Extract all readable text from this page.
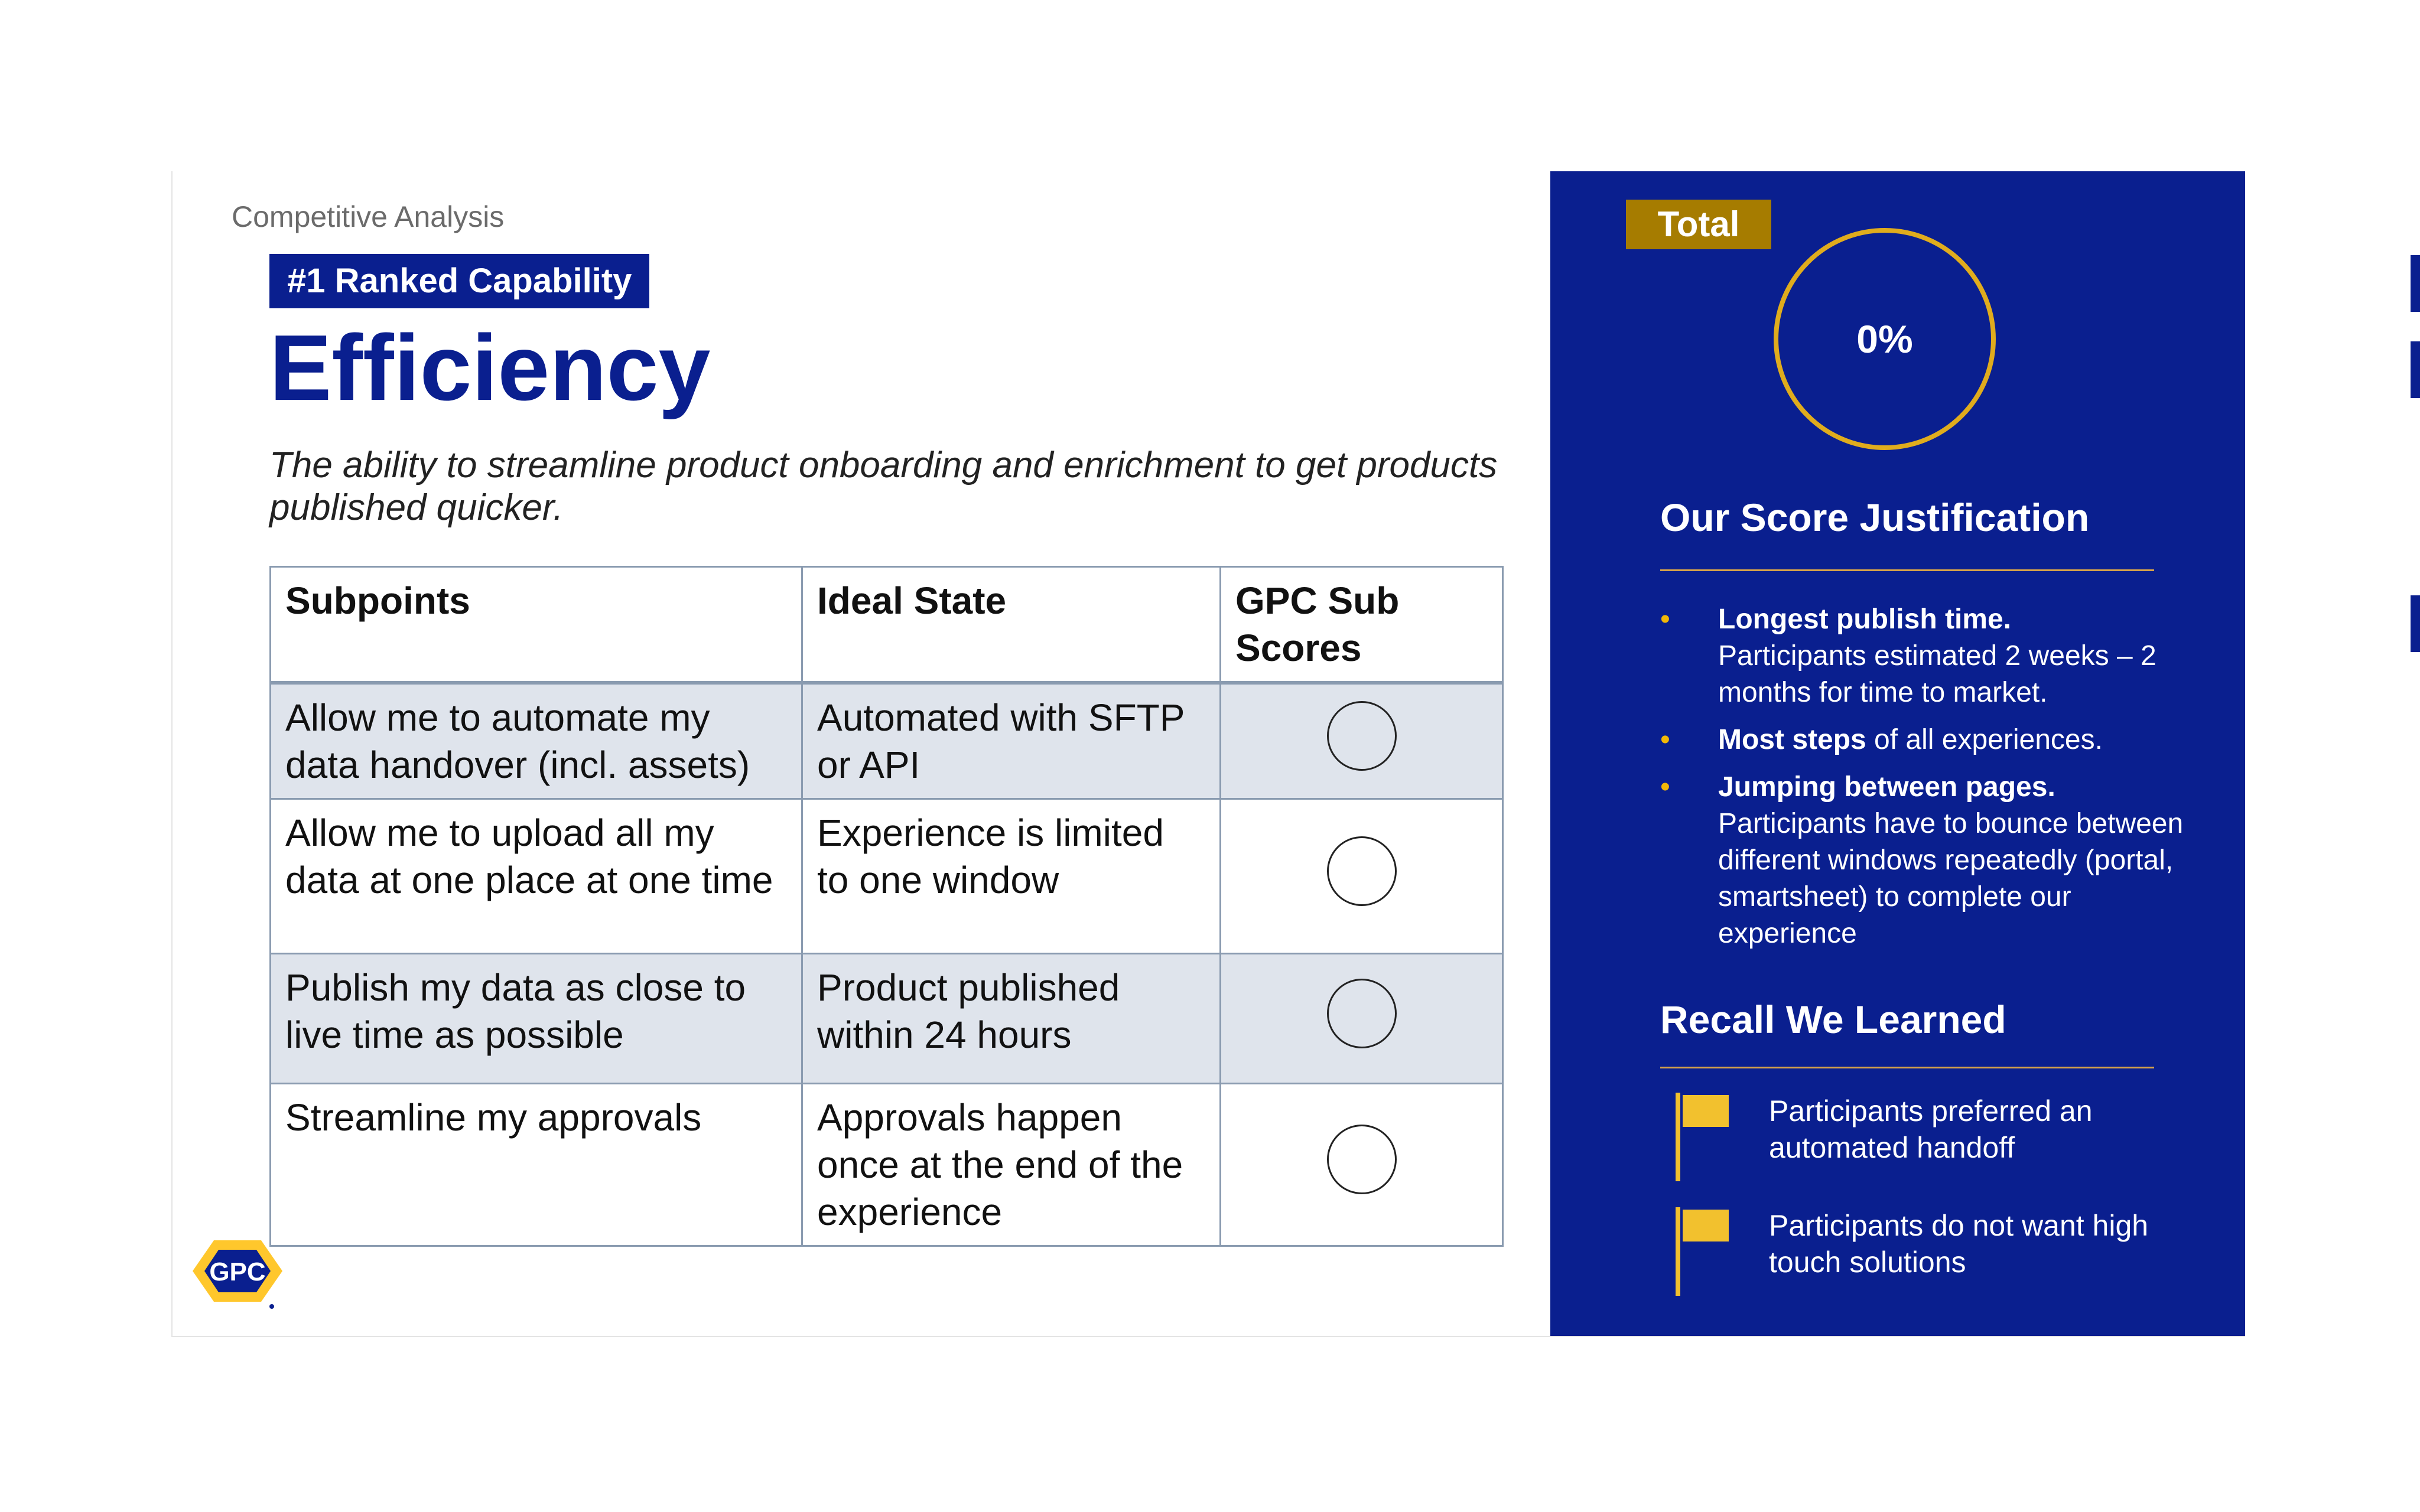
Competitive Analysis
#1 Ranked Capability
Efficiency
The ability to streamline product onboarding and enrichment to get products published quicker.
Subpoints	Ideal State	GPC Sub Scores
Allow me to automate my data handover (incl. assets)	Automated with SFTP or API	
Allow me to upload all my data at one place at one time	Experience is limited to one window	
Publish my data as close to live time as possible	Product published within 24 hours	
Streamline my approvals	Approvals happen once at the end of the experience	
GPC
Total
0%
Our Score Justification
• Longest publish time.
Participants estimated 2 weeks – 2 months for time to market.
• Most steps of all experiences.
• Jumping between pages.
Participants have to bounce between different windows repeatedly (portal, smartsheet) to complete our experience
Recall We Learned
Participants preferred an automated handoff
Participants do not want high touch solutions
